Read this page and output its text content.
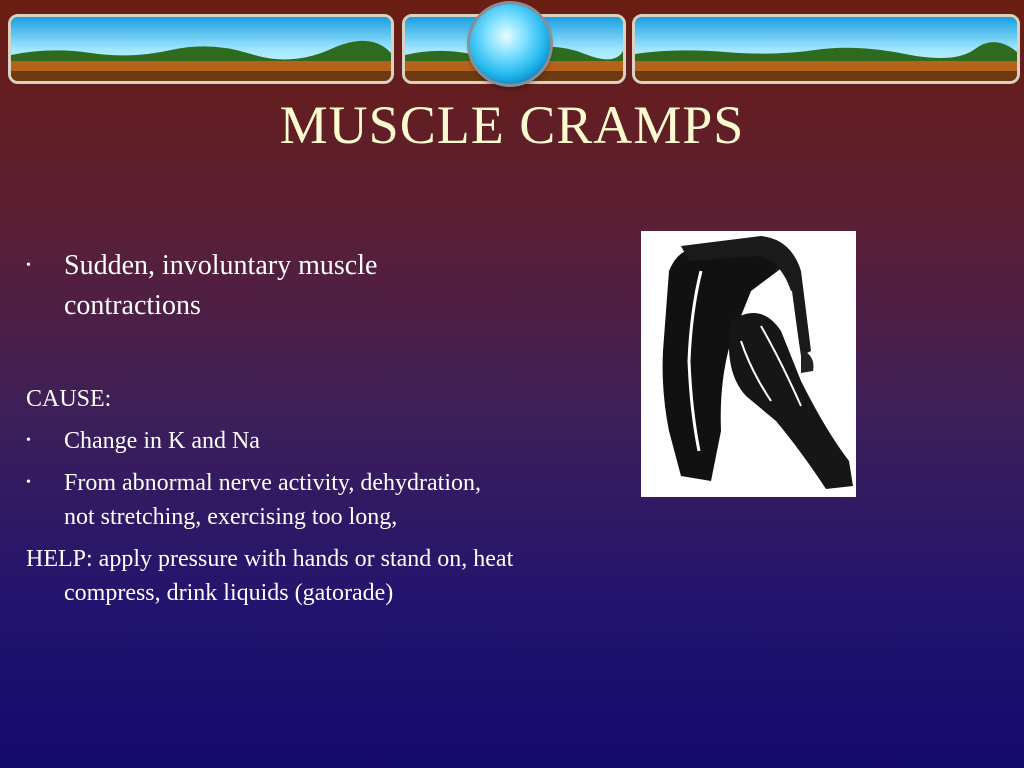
MUSCLE CRAMPS
•	Sudden, involuntary muscle contractions
CAUSE:
•	Change in K and Na
•	From abnormal nerve activity, dehydration, not stretching, exercising too long,
HELP: apply pressure with hands or stand on, heat compress, drink liquids (gatorade)
